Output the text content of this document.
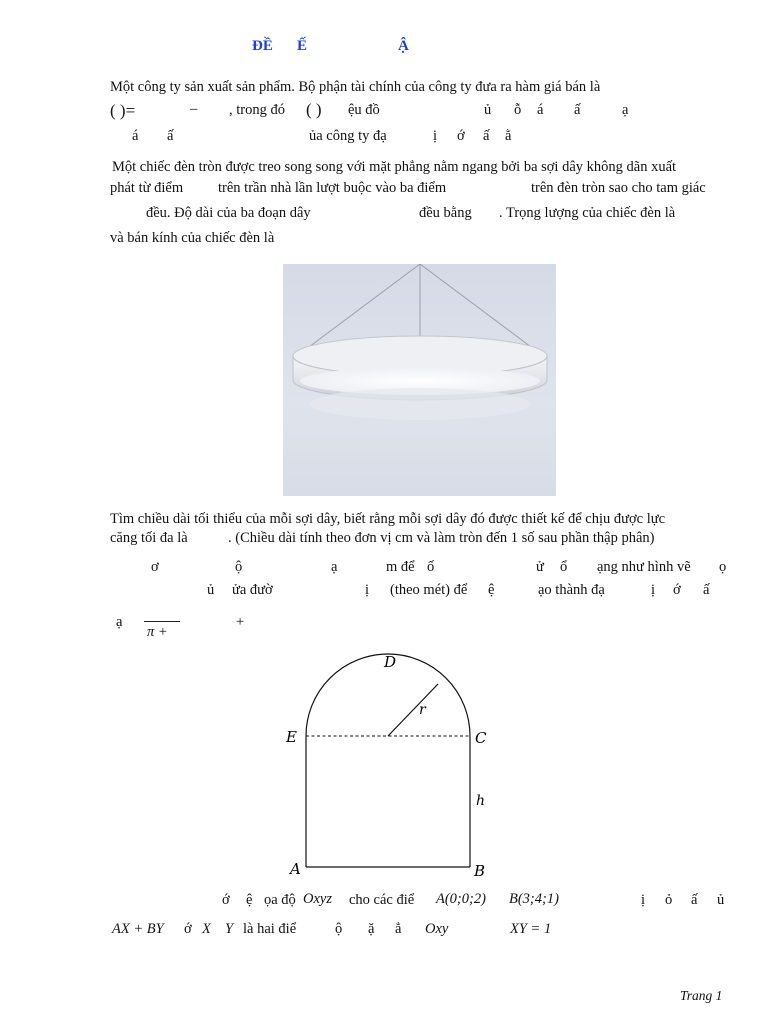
ĐỀ Ế	Ậ
Một công ty sản xuất sản phẩm. Bộ phận tài chính của công ty đưa ra hàm giá bán là
( )=	– , trong đó ( ) ệu đồ	ủ ỗ á ấ	ạ
á ấ	ủa công ty đạ	ị ớ ấ ằ
Một chiếc đèn tròn được treo song song với mặt phẳng nằm ngang bởi ba sợi dây không dãn xuất
phát từ điểm trên trần nhà lần lượt buộc vào ba điểm	trên đèn tròn sao cho tam giác
đều. Độ dài của ba đoạn dây	đều bằng . Trọng lượng của chiếc đèn là
và bán kính của chiếc đèn là
Tìm chiều dài tối thiểu của mỗi sợi dây, biết rằng mỗi sợi dây đó được thiết kế để chịu được lực
căng tối đa là	. (Chiều dài tính theo đơn vị cm và làm tròn đến 1 số sau phần thập phân)
ơ	ộ	ạ	m để ố	ử ổ ạng như hình vẽ ọ
ủ ửa đườ	ị (theo mét) để ệ	ạo thành đạ	ị ớ ấ
ạ
π +
+
D
E	C
A	B
r
h
ớ ệ ọa độ Oxyz cho các điể A(0;0;2) B(3;4;1)	ị ỏ ấ ủ
AX + BY ớ X Y là hai điể	ộ ặ ẳ Oxy	XY = 1
Trang 1
